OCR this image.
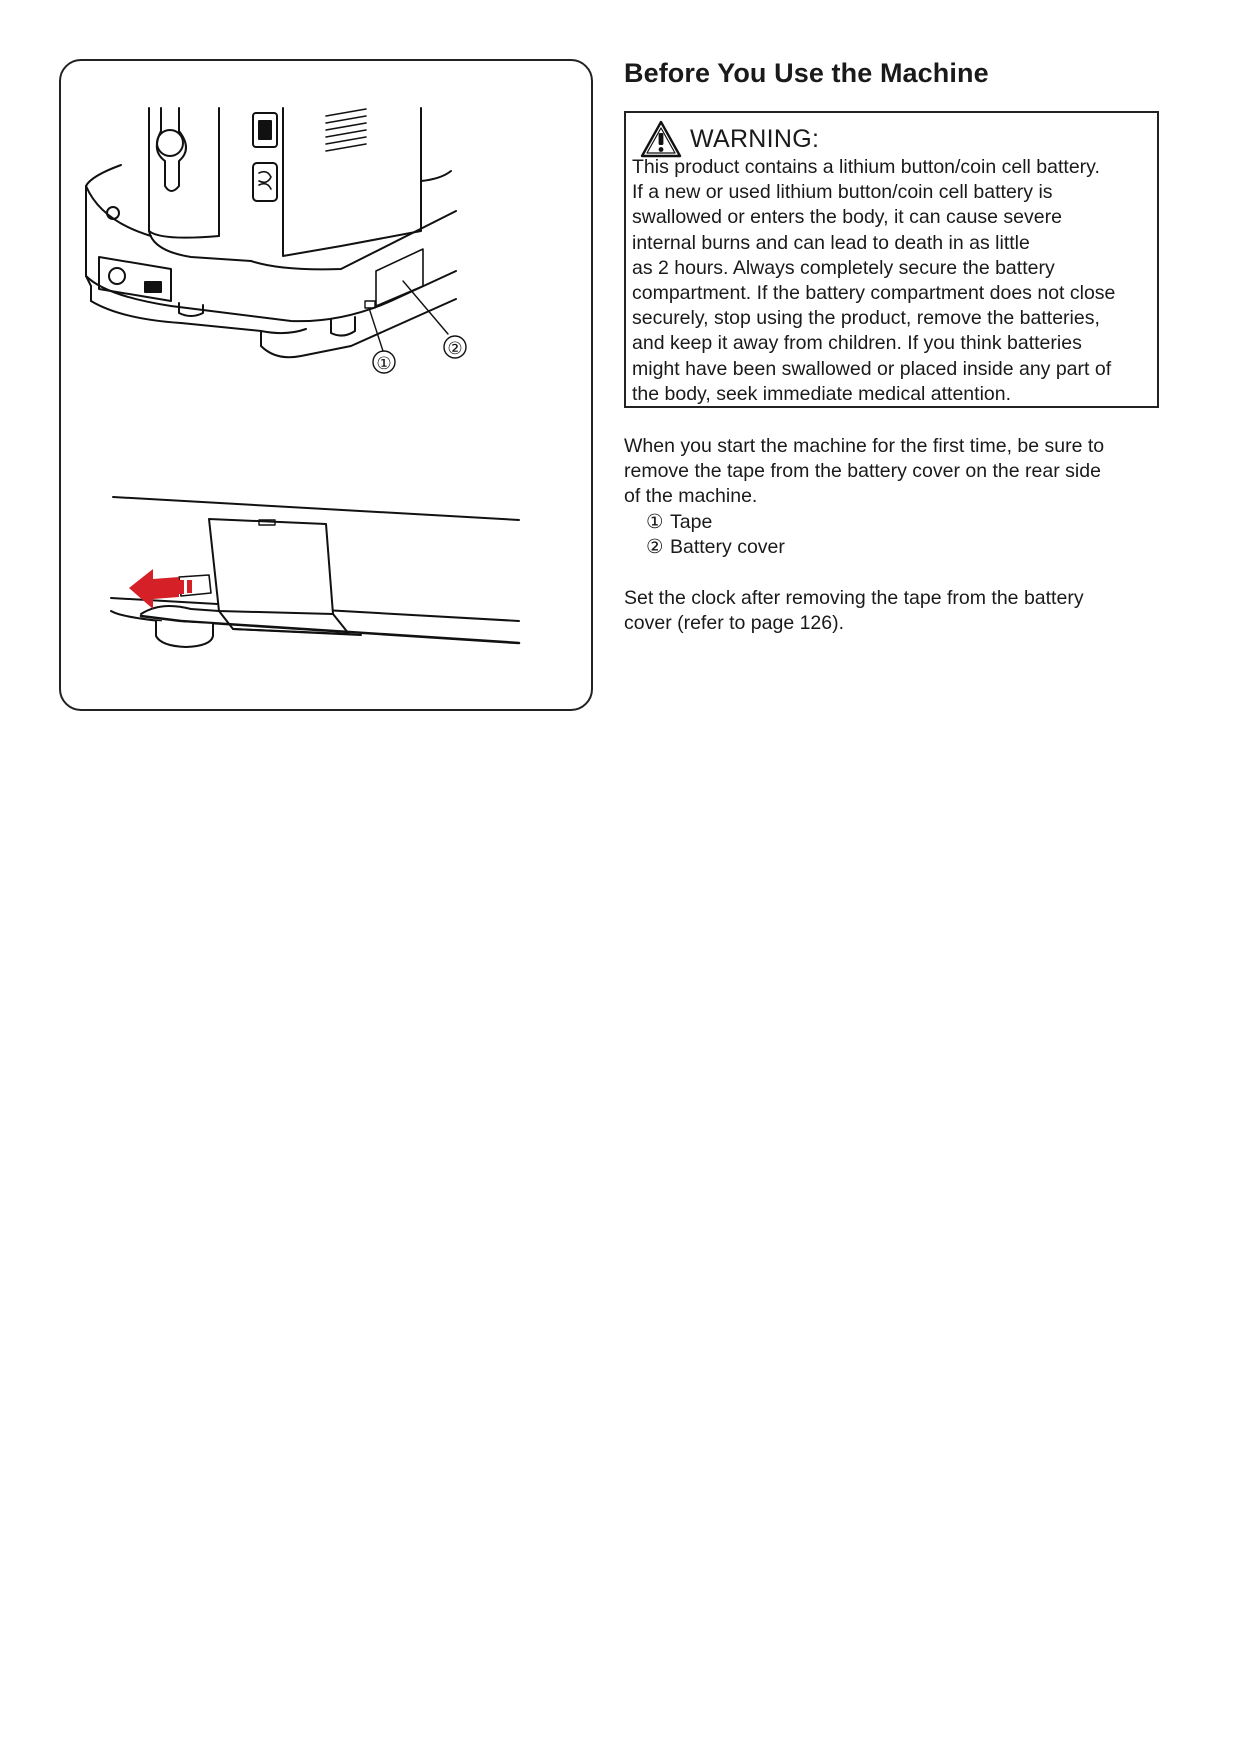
①
②
Before You Use the Machine
WARNING:
This product contains a lithium button/coin cell battery.
If a new or used lithium button/coin cell battery is
swallowed or enters the body, it can cause severe
internal burns and can lead to death in as little
as 2 hours. Always completely secure the battery
compartment. If the battery compartment does not close
securely, stop using the product, remove the batteries,
and keep it away from children. If you think batteries
might have been swallowed or placed inside any part of
the body, seek immediate medical attention.
When you start the machine for the first time, be sure to
remove the tape from the battery cover on the rear side
of the machine.
① Tape
② Battery cover
Set the clock after removing the tape from the battery
cover (refer to page 126).
